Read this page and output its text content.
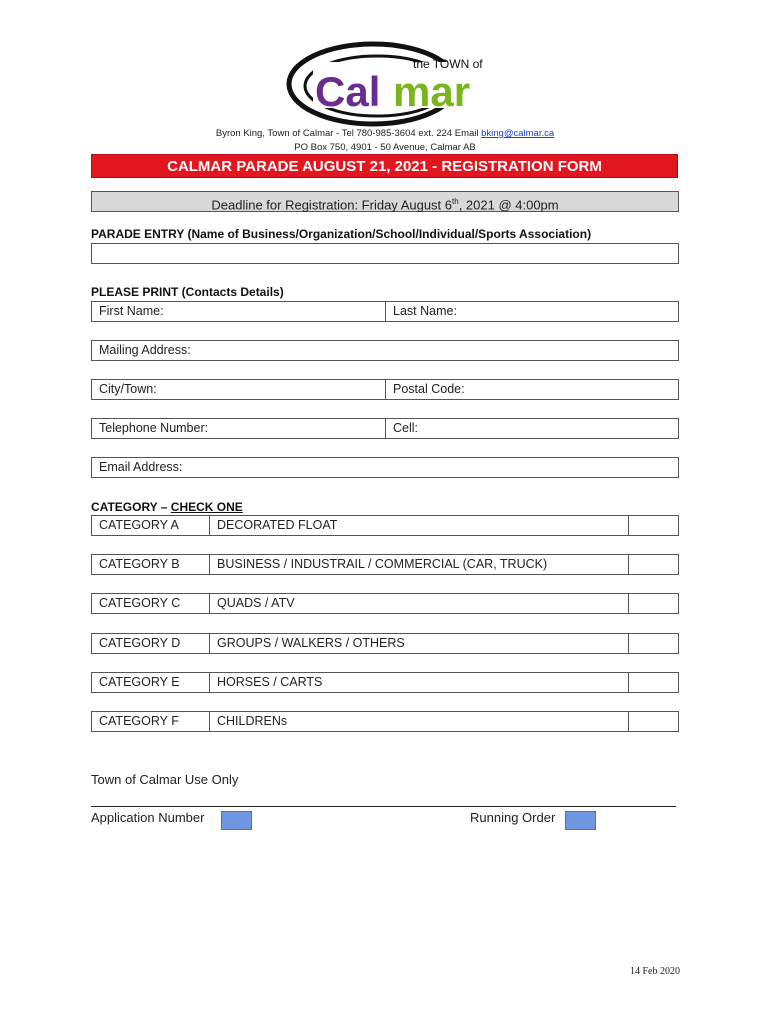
the TOWN of
Cal mar
Byron King, Town of Calmar - Tel 780-985-3604 ext. 224 Email bking@calmar.ca
PO Box 750, 4901 - 50 Avenue, Calmar AB
CALMAR PARADE AUGUST 21, 2021 - REGISTRATION FORM
Deadline for Registration: Friday August 6th, 2021 @ 4:00pm
PARADE ENTRY (Name of Business/Organization/School/Individual/Sports Association)
PLEASE PRINT (Contacts Details)
First Name:	Last Name:
Mailing Address:
City/Town:	Postal Code:
Telephone Number:	Cell:
Email Address:
CATEGORY – CHECK ONE
CATEGORY A	DECORATED FLOAT
CATEGORY B	BUSINESS / INDUSTRAIL / COMMERCIAL (CAR, TRUCK)
CATEGORY C	QUADS / ATV
CATEGORY D	GROUPS / WALKERS / OTHERS
CATEGORY E	HORSES / CARTS
CATEGORY F	CHILDRENs
Town of Calmar Use Only
Application Number	Running Order
14 Feb 2020
